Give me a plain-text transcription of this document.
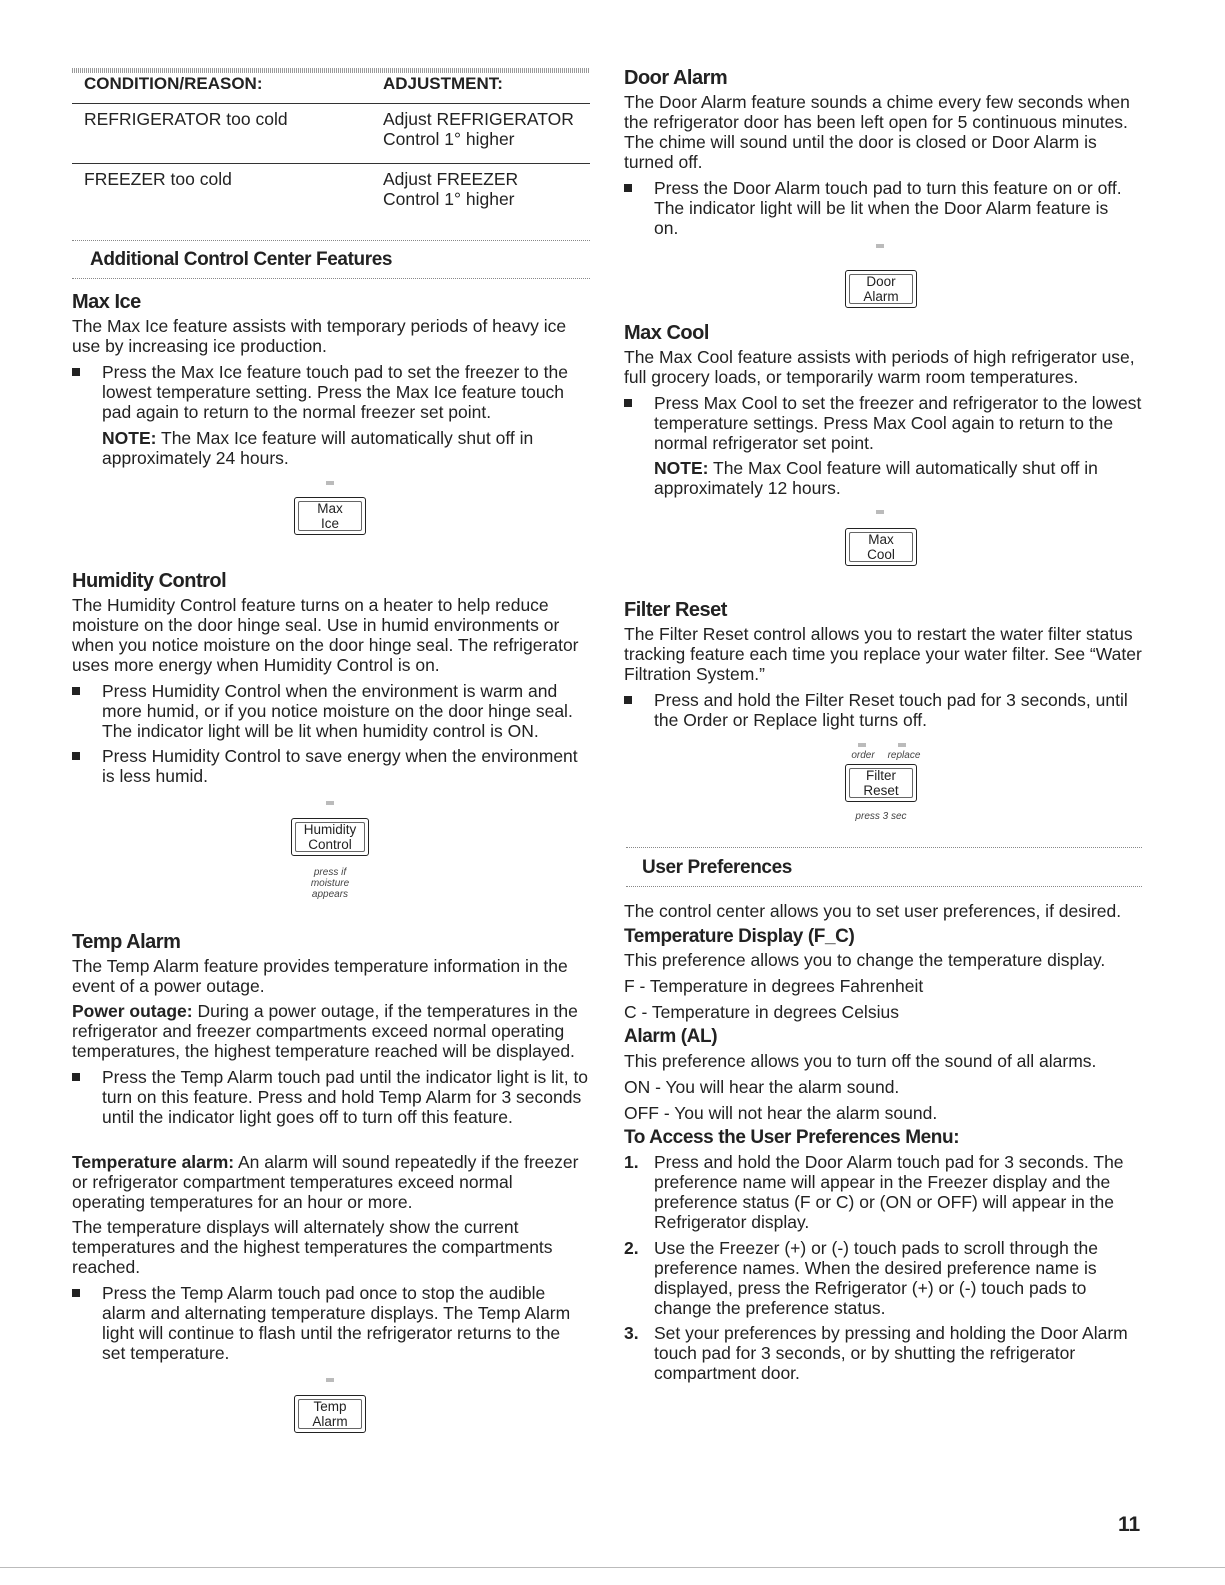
CONDITION/REASON:	ADJUSTMENT:

REFRIGERATOR too cold	Adjust REFRIGERATOR

Control 1° higher

FREEZER too cold	Adjust FREEZER

Control 1° higher

Additional Control Center Features
Max Ice

The Max Ice feature assists with temporary periods of heavy ice use by increasing ice production.

Press the Max Ice feature touch pad to set the freezer to the lowest temperature setting. Press the Max Ice feature touch pad again to return to the normal freezer set point.

NOTE: The Max Ice feature will automatically shut off in approximately 24 hours.

Max
Ice
Humidity Control

The Humidity Control feature turns on a heater to help reduce moisture on the door hinge seal. Use in humid environments or when you notice moisture on the door hinge seal. The refrigerator uses more energy when Humidity Control is on.

Press Humidity Control when the environment is warm and more humid, or if you notice moisture on the door hinge seal. The indicator light will be lit when humidity control is ON.

Press Humidity Control to save energy when the environment is less humid.

Humidity
Control
press if
moisture
appears
Temp Alarm

The Temp Alarm feature provides temperature information in the event of a power outage.

Power outage: During a power outage, if the temperatures in the refrigerator and freezer compartments exceed normal operating temperatures, the highest temperature reached will be displayed.

Press the Temp Alarm touch pad until the indicator light is lit, to turn on this feature. Press and hold Temp Alarm for 3 seconds until the indicator light goes off to turn off this feature.

Temperature alarm: An alarm will sound repeatedly if the freezer or refrigerator compartment temperatures exceed normal operating temperatures for an hour or more.

The temperature displays will alternately show the current temperatures and the highest temperatures the compartments reached.

Press the Temp Alarm touch pad once to stop the audible alarm and alternating temperature displays. The Temp Alarm light will continue to flash until the refrigerator returns to the set temperature.

Temp
Alarm
Door Alarm

The Door Alarm feature sounds a chime every few seconds when the refrigerator door has been left open for 5 continuous minutes. The chime will sound until the door is closed or Door Alarm is turned off.

Press the Door Alarm touch pad to turn this feature on or off. The indicator light will be lit when the Door Alarm feature is on.

Door
Alarm
Max Cool

The Max Cool feature assists with periods of high refrigerator use, full grocery loads, or temporarily warm room temperatures.

Press Max Cool to set the freezer and refrigerator to the lowest temperature settings. Press Max Cool again to return to the normal refrigerator set point.

NOTE: The Max Cool feature will automatically shut off in approximately 12 hours.

Max
Cool
Filter Reset

The Filter Reset control allows you to restart the water filter status tracking feature each time you replace your water filter. See “Water Filtration System.”

Press and hold the Filter Reset touch pad for 3 seconds, until the Order or Replace light turns off.

order	replace
Filter
Reset
press 3 sec
User Preferences

The control center allows you to set user preferences, if desired.

Temperature Display (F_C)

This preference allows you to change the temperature display.

F - Temperature in degrees Fahrenheit

C - Temperature in degrees Celsius

Alarm (AL)

This preference allows you to turn off the sound of all alarms.

ON - You will hear the alarm sound.

OFF - You will not hear the alarm sound.

To Access the User Preferences Menu:
1. Press and hold the Door Alarm touch pad for 3 seconds. The preference name will appear in the Freezer display and the preference status (F or C) or (ON or OFF) will appear in the Refrigerator display.
2. Use the Freezer (+) or (-) touch pads to scroll through the preference names. When the desired preference name is displayed, press the Refrigerator (+) or (-) touch pads to change the preference status.
3. Set your preferences by pressing and holding the Door Alarm touch pad for 3 seconds, or by shutting the refrigerator compartment door.
11
